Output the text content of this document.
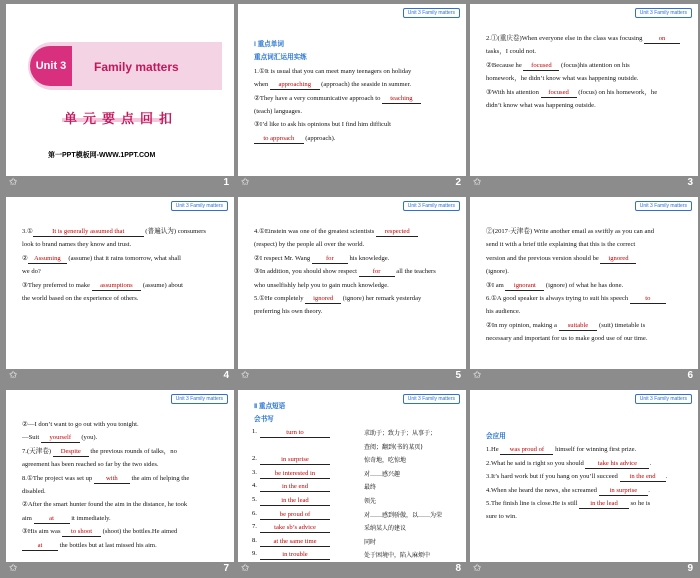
Unit 3	Family matters
单元要点回扣
第一PPT模板网-WWW.1PPT.COM
✩	1
Unit 3 Family matters

Ⅰ 重点单词

重点词汇运用实练

1.①It is usual that you can meet many teenagers on holiday

when approaching (approach) the seaside in summer.

②They have a very communicative approach to teaching

(teach) languages.

③I’d like to ask his opinions but I find him difficult

to approach (approach).

✩	2
Unit 3 Family matters

2.①(重庆卷)When everyone else in the class was focusing on

tasks，I could not.

②Because he focused (focus)his attention on his

homework，he didn’t know what was happening outside.

③With his attention focused (focus) on his homework，he

didn’t know what was happening outside.

✩	3
Unit 3 Family matters

3.①	It is generally assumed that	(普遍认为) consumers

look to brand names they know and trust.

② Assuming (assume) that it rains tomorrow, what shall

we do?

③They preferred to make assumptions (assume) about

the world based on the experience of others.

✩	4
Unit 3 Family matters

4.①Einstein was one of the greatest scientists respected

(respect) by the people all over the world.

②I respect Mr. Wang for his knowledge.

③In addition, you should show respect for all the teachers

who unselfishly help you to gain much knowledge.

5.①He completely ignored (ignore) her remark yesterday

preferring his own theory.

✩	5
Unit 3 Family matters

②(2017·天津卷) Write another email as swiftly as you can and

send it with a brief title explaining that this is the correct

version and the previous version should be ignored

(ignore).

③I am ignorant (ignore) of what he has done.

6.①A good speaker is always trying to suit his speech to

his audience.

②In my opinion, making a suitable (suit) timetable is

necessary and important for us to make good use of our time.

✩	6
Unit 3 Family matters

②—I don’t want to go out with you tonight.

—Suit yourself (you).

7.(天津卷) Despite the previous rounds of talks，no

agreement has been reached so far by the two sides.

8.①The project was set up with the aim of helping the

disabled.

②After the smart hunter found the aim in the distance, he took

aim at it immediately.

③His aim was to shoot (shoot) the bottles.He aimed

at the bottles but at last missed his aim.

✩	7
Unit 3 Family matters

Ⅱ 重点短语

会书写

1.	turn to	求助于；致力于；从事于；
查阅；翻到(书的某页)
2.	in surprise	惊奇地，吃惊地
3.	be interested in	对……感兴趣
4.	in the end	最终
5.	in the lead	领先
6.	be proud of	对……感到骄傲，以……为荣
7.	take sb’s advice	采纳某人的建议
8.	at the same time	同时
9.	in trouble	处于困境中，陷入麻烦中
✩	8
Unit 3 Family matters

会应用

1.He was proud of himself for winning first prize.

2.What he said is right so you should take his advice .

3.It’s hard work but if you hang on you’ll succeed in the end .

4.When she heard the news, she screamed in surprise .

5.The finish line is close.He is still in the lead so he is

sure to win.

✩	9
